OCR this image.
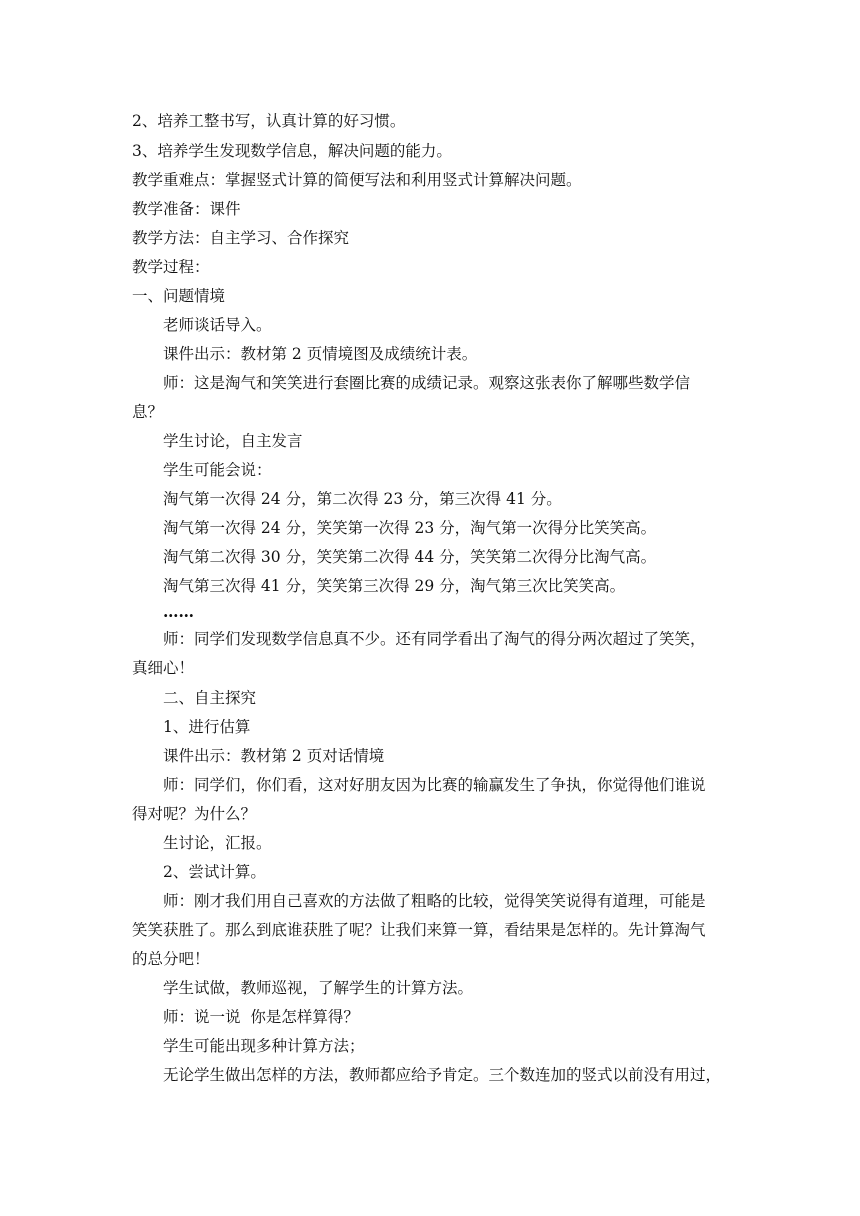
2、培养工整书写，认真计算的好习惯。
3、培养学生发现数学信息，解决问题的能力。
教学重难点：掌握竖式计算的简便写法和利用竖式计算解决问题。
教学准备：课件
教学方法：自主学习、合作探究
教学过程：
一、问题情境
老师谈话导入。
课件出示：教材第 2 页情境图及成绩统计表。
师：这是淘气和笑笑进行套圈比赛的成绩记录。观察这张表你了解哪些数学信
息？
学生讨论，自主发言
学生可能会说：
淘气第一次得 24 分，第二次得 23 分，第三次得 41 分。
淘气第一次得 24 分，笑笑第一次得 23 分，淘气第一次得分比笑笑高。
淘气第二次得 30 分，笑笑第二次得 44 分，笑笑第二次得分比淘气高。
淘气第三次得 41 分，笑笑第三次得 29 分，淘气第三次比笑笑高。
……
师：同学们发现数学信息真不少。还有同学看出了淘气的得分两次超过了笑笑，
真细心！
二、自主探究
1、进行估算
课件出示：教材第 2 页对话情境
师：同学们，你们看，这对好朋友因为比赛的输赢发生了争执，你觉得他们谁说
得对呢？为什么？
生讨论，汇报。
2、尝试计算。
师：刚才我们用自己喜欢的方法做了粗略的比较，觉得笑笑说得有道理，可能是
笑笑获胜了。那么到底谁获胜了呢？让我们来算一算，看结果是怎样的。先计算淘气
的总分吧！
学生试做，教师巡视，了解学生的计算方法。
师：说一说  你是怎样算得？
学生可能出现多种计算方法；
无论学生做出怎样的方法，教师都应给予肯定。三个数连加的竖式以前没有用过，
